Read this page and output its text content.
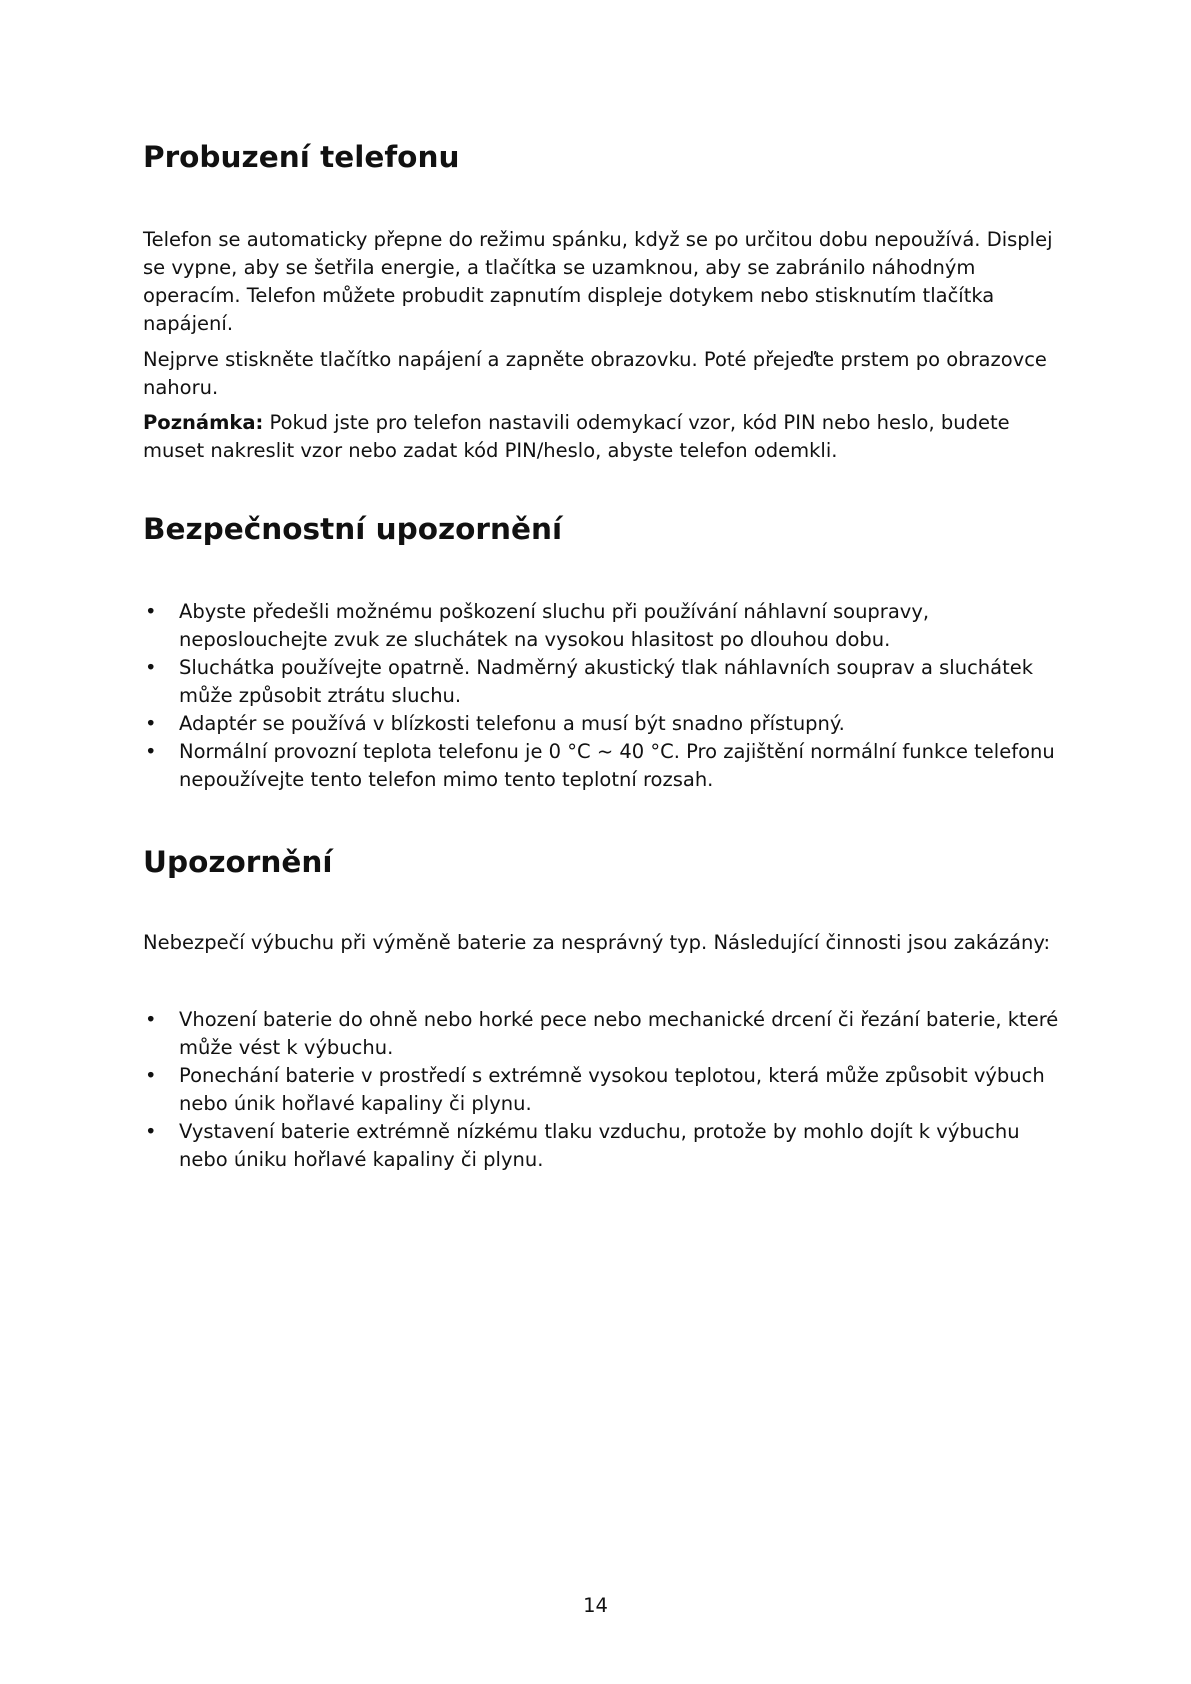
Probuzení telefonu

Telefon se automaticky přepne do režimu spánku, když se po určitou dobu nepoužívá. Displej se vypne, aby se šetřila energie, a tlačítka se uzamknou, aby se zabránilo náhodným operacím. Telefon můžete probudit zapnutím displeje dotykem nebo stisknutím tlačítka napájení.

Nejprve stiskněte tlačítko napájení a zapněte obrazovku. Poté přejeďte prstem po obrazovce nahoru.

Poznámka: Pokud jste pro telefon nastavili odemykací vzor, kód PIN nebo heslo, budete muset nakreslit vzor nebo zadat kód PIN/heslo, abyste telefon odemkli.

Bezpečnostní upozornění
• Abyste předešli možnému poškození sluchu při používání náhlavní soupravy, neposlouchejte zvuk ze sluchátek na vysokou hlasitost po dlouhou dobu.
• Sluchátka používejte opatrně. Nadměrný akustický tlak náhlavních souprav a sluchátek může způsobit ztrátu sluchu.
• Adaptér se používá v blízkosti telefonu a musí být snadno přístupný.
• Normální provozní teplota telefonu je 0 °C ~ 40 °C. Pro zajištění normální funkce telefonu nepoužívejte tento telefon mimo tento teplotní rozsah.
Upozornění

Nebezpečí výbuchu při výměně baterie za nesprávný typ. Následující činnosti jsou zakázány:

• Vhození baterie do ohně nebo horké pece nebo mechanické drcení či řezání baterie, které může vést k výbuchu.
• Ponechání baterie v prostředí s extrémně vysokou teplotou, která může způsobit výbuch nebo únik hořlavé kapaliny či plynu.
• Vystavení baterie extrémně nízkému tlaku vzduchu, protože by mohlo dojít k výbuchu nebo úniku hořlavé kapaliny či plynu.
14
